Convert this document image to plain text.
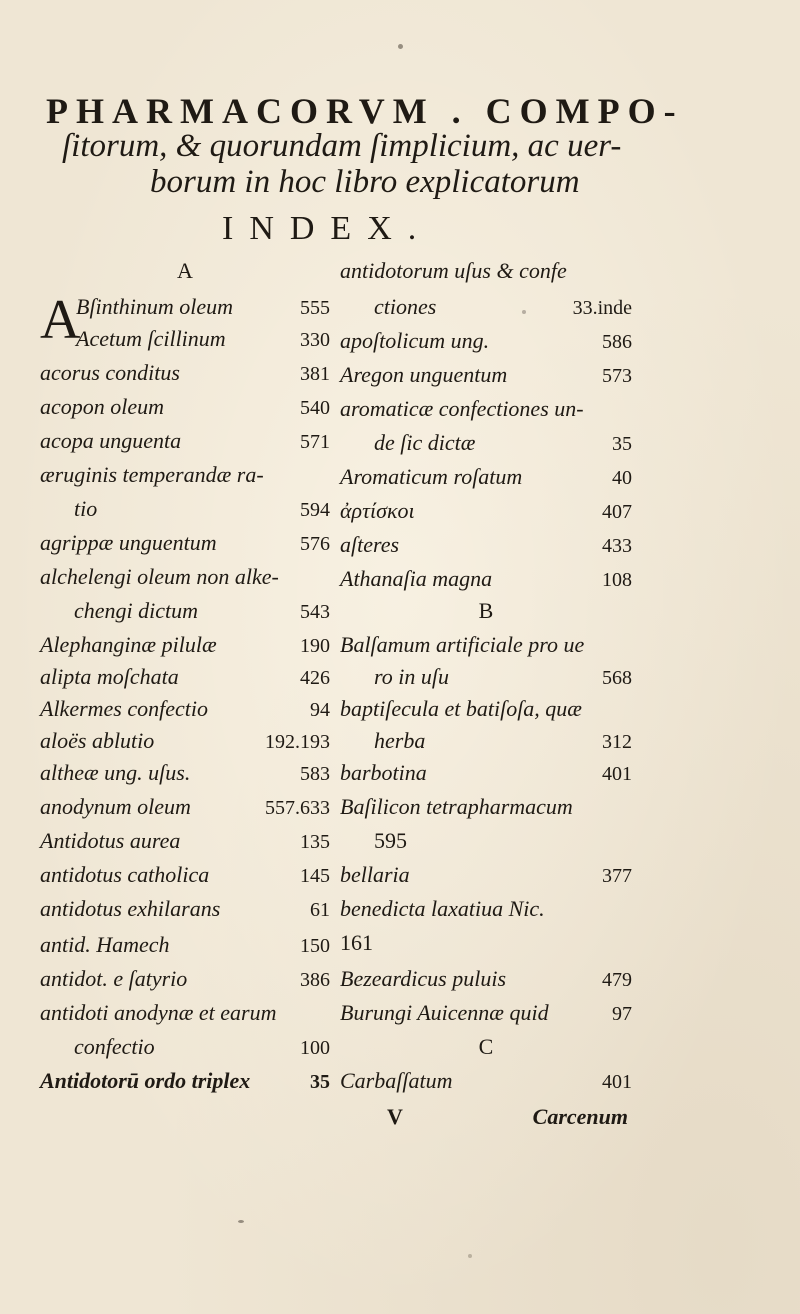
PHARMACORVM . COMPO-
ſitorum, & quorundam ſimplicium, ac uer-
borum in hoc libro explicatorum
INDEX.
A
A
Bſinthinum oleum	555
Acetum ſcillinum	330
acorus conditus	381
acopon oleum	540
acopa unguenta	571
æruginis temperandæ ra-
tio	594
agrippæ unguentum	576
alchelengi oleum non alke-
chengi dictum	543
Alephanginæ pilulæ	190
alipta moſchata	426
Alkermes confectio	94
aloës ablutio	192.193
altheæ ung. uſus.	583
anodynum oleum	557.633
Antidotus aurea	135
antidotus catholica	145
antidotus exhilarans	61
antid. Hamech	150
antidot. e ſatyrio	386
antidoti anodynæ et earum
confectio	100
Antidotorū ordo triplex	35
antidotorum uſus & confe
ctiones	33.inde
apoſtolicum ung.	586
Aregon unguentum	573
aromaticæ confectiones un-
de ſic dictæ	35
Aromaticum roſatum	40
ἀρτίσκοι	407
aſteres	433
Athanaſia magna	108
B
Balſamum artificiale pro ue
ro in uſu	568
baptiſecula et batiſoſa, quæ
herba	312
barbotina	401
Baſilicon tetrapharmacum
595
bellaria	377
benedicta laxatiua Nic.
161
Bezeardicus puluis	479
Burungi Auicennæ quid	97
C
Carbaſſatum	401
V	Carcenum
